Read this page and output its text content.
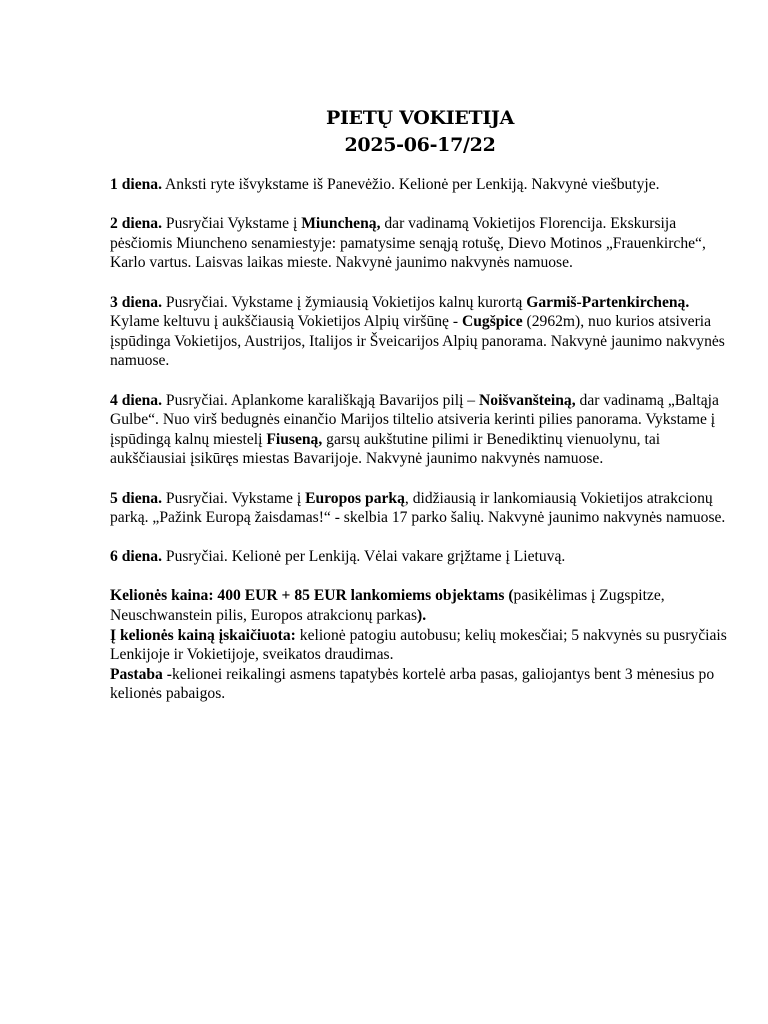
PIETŲ VOKIETIJA
2025-06-17/22

1 diena. Anksti ryte išvykstame iš Panevėžio. Kelionė per Lenkiją. Nakvynė viešbutyje.

2 diena. Pusryčiai Vykstame į Miuncheną, dar vadinamą Vokietijos Florencija. Ekskursija pėsčiomis Miuncheno senamiestyje: pamatysime senąją rotušę, Dievo Motinos „Frauenkirche“, Karlo vartus. Laisvas laikas mieste. Nakvynė jaunimo nakvynės namuose.

3 diena. Pusryčiai. Vykstame į žymiausią Vokietijos kalnų kurortą Garmiš-Partenkircheną. Kylame keltuvu į aukščiausią Vokietijos Alpių viršūnę - Cugšpice (2962m), nuo kurios atsiveria įspūdinga Vokietijos, Austrijos, Italijos ir Šveicarijos Alpių panorama. Nakvynė jaunimo nakvynės namuose.

4 diena. Pusryčiai. Aplankome karališkąją Bavarijos pilį – Noišvanšteiną, dar vadinamą „Baltąja Gulbe“. Nuo virš bedugnės einančio Marijos tiltelio atsiveria kerinti pilies panorama. Vykstame į įspūdingą kalnų miestelį Fiuseną, garsų aukštutine pilimi ir Benediktinų vienuolynu, tai aukščiausiai įsikūręs miestas Bavarijoje. Nakvynė jaunimo nakvynės namuose.

5 diena. Pusryčiai. Vykstame į Europos parką, didžiausią ir lankomiausią Vokietijos atrakcionų parką. „Pažink Europą žaisdamas!“ - skelbia 17 parko šalių. Nakvynė jaunimo nakvynės namuose.

6 diena. Pusryčiai. Kelionė per Lenkiją. Vėlai vakare grįžtame į Lietuvą.

Kelionės kaina: 400 EUR + 85 EUR lankomiems objektams (pasikėlimas į Zugspitze, Neuschwanstein pilis, Europos atrakcionų parkas).

Į kelionės kainą įskaičiuota: kelionė patogiu autobusu; kelių mokesčiai; 5 nakvynės su pusryčiais Lenkijoje ir Vokietijoje, sveikatos draudimas.

Pastaba -kelionei reikalingi asmens tapatybės kortelė arba pasas, galiojantys bent 3 mėnesius po kelionės pabaigos.
